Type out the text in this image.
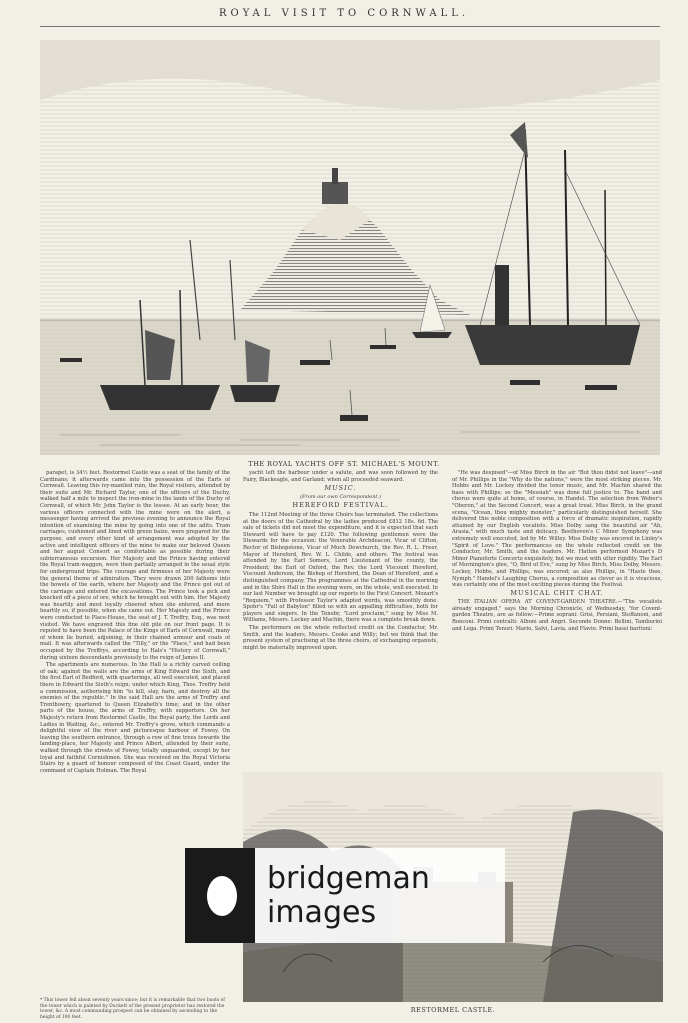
ROYAL VISIT TO CORNWALL.
THE ROYAL YACHTS OFF ST. MICHAEL'S MOUNT.

parapet, is 34½ feet. Restormel Castle was a seat of the family of the Cardinans; it afterwards came into the possession of the Earls of Cornwall. Leaving this ivy-mantled ruin, the Royal visitors, attended by their suite and Mr. Richard Taylor, one of the officers of the Duchy, walked half a mile to inspect the iron-mine in the lands of the Duchy of Cornwall, of which Mr. John Taylor is the lessee. At an early hour, the various officers connected with the mine were on the alert, a messenger having arrived the previous evening to announce the Royal intention of examining the mine by going into one of the adits. Tram carriages, cushioned and lined with green baize, were prepared for the purpose, and every other kind of arrangement was adopted by the active and intelligent officers of the mine to make our beloved Queen and her august Consort as comfortable as possible during their subterraneous excursion. Her Majesty and the Prince having entered the Royal tram-waggon, were then partially arranged in the usual style for underground trips. The courage and firmness of her Majesty were the general theme of admiration. They were drawn 200 fathoms into the bowels of the earth, where her Majesty and the Prince got out of the carriage and entered the excavations. The Prince took a pick and knocked off a piece of ore, which he brought out with him. Her Majesty was heartily and most loyally cheered when she entered, and more heartily so, if possible, when she came out. Her Majesty and the Prince were conducted to Place-House, the seat of J. T. Treffry, Esq., was next visited. We have engraved this fine old pile on our front page. It is reputed to have been the Palace of the Kings of Earls of Cornwall, many of whom lie buried, adjoining, in their chained armour and coats of mail. It was afterwards called the "Tilly," or the "Place," and had been occupied by the Treffrys, according to Hals's "History of Cornwall," during sixteen descendants previously to the reign of James II.

The apartments are numerous. In the Hall is a richly carved ceiling of oak; against the walls are the arms of King Edward the Sixth, and the first Earl of Bedford, with quarterings, all well executed, and placed there in Edward the Sixth's reign; under which King, Thos. Treffry held a commission, authorising him "to kill, slay, harn, and destroy all the enemies of the republic." In the said Hall are the arms of Treffry and Trenthowry, quartered to Queen Elizabeth's time; and in the other parts of the house, the arms of Treffry, with supporters. On her Majesty's return from Restormel Castle, the Royal party, the Lords and Ladies in Waiting, &c., entered Mr. Treffry's grove, which commands a delightful view of the river and picturesque harbour of Fowey. On leaving the southern entrance, through a row of fine trees towards the landing-place, her Majesty and Prince Albert, attended by their suite, walked through the streets of Fowey, totally unguarded, except by her loyal and faithful Cornishmen. She was received on the Royal Victoria Stairs by a guard of honour composed of the Coast Guard, under the command of Captain Holman. The Royal

yacht left the harbour under a salute, and was soon followed by the Fairy, Blackeagle, and Garland; when all proceeded seaward.

MUSIC.
(From our own Correspondent.)
HEREFORD FESTIVAL.

The 112nd Meeting of the three Choirs has terminated. The collections at the doors of the Cathedral by the ladies produced £812 18s. 6d. The sale of tickets did not meet the expenditure, and it is expected that each Steward will have to pay £120. The following gentlemen were the Stewards for the occasion: the Venerable Archdeacon, Vicar of Clifton, Rector of Bishopstone, Vicar of Much Dewchurch, the Rev. R. L. Freer, Mayor of Hereford, Rev. W. L. Childe, and others. The festival was attended by the Earl Somers, Lord Lieutenant of the county, the President; the Earl of Oxford, the Rev. the Lord Viscount Hereford, Viscount Anderson, the Bishop of Hereford, the Dean of Hereford, and a distinguished company. The programmes at the Cathedral in the morning and in the Shire Hall in the evening were, on the whole, well executed. In our last Number we brought up our reports to the First Concert. Mozart's "Requiem," with Professor Taylor's adapted words, was smoothly done. Spohr's "Fall of Babylon" filled us with an appalling difficulties, both for players and singers. In the Tenebr, "Lord proclaim," sung by Miss M. Williams, Messrs. Lockey and Machin, there was a complete break down.

The performers on the whole reflected credit on the Conductor, Mr. Smith, and the leaders, Messrs. Cooke and Willy; but we think that the present system of practising at the three choirs, of exchanging organists, might be materially improved upon.

"He was despised"—of Miss Birch in the air "But thou didst not leave"—and of Mr. Phillips in the "Why do the nations," were the most striking pieces. Mr. Hobbs and Mr. Lockey divided the tenor music, and Mr. Machin shared the bass with Phillips; so the "Messiah" was done full justice to. The band and chorus were quite at home, of course, in Handel. The selection from Weber's "Oberon," at the Second Concert, was a great treat. Miss Birch, in the grand scena, "Ocean, thou mighty monster," particularly distinguished herself. She delivered this noble composition with a force of dramatic inspiration, rapidly attained by our English vocalists. Miss Dolby sang the beautiful air "Ah, Arasia," with much taste and delicacy. Beethoven's C Minor Symphony was extremely well executed, led by Mr. Willey. Miss Dolby was encored in Linley's "Spirit of Love." The performances on the whole reflected credit on the Conductor, Mr. Smith, and the leaders. Mr. Hatton performed Mozart's D Minor Pianoforte Concerto exquisitely, but we must with utter rigidity. The Earl of Mornington's glee, "O, Bird of Eve," sung by Miss Birch, Miss Dolby, Messrs. Lockey, Hobbs, and Phillips, was encored; as also Phillips, in "Haste thee, Nymph." Handel's Laughing Chorus, a composition as clever as it is vivacious, was certainly one of the most exciting pieces during the Festival.

MUSICAL CHIT CHAT.

THE ITALIAN OPERA AT COVENT-GARDEN THEATRE.—"The vocalists already engaged," says the Morning Chronicle, of Wednesday, "for Covent-garden Theatre, are as follow:—Prime soprani: Grisi, Persiani, Steffanoni, and Ronconi. Primi contralti: Alboni and Angri. Seconde Donne: Bellini, Tamburini and Lega. Primi Tenori: Mario, Salvi, Lavia, and Flavio. Primi bassi baritoni:

RESTORMEL CASTLE.
* This tower fell about seventy years since; but it is remarkable that two busts of the tower which is painted by Duckett of the present proprietor has restored the tower, &c. A most commanding prospect can be obtained by ascending to the height of 100 feet.
bridgeman
images
